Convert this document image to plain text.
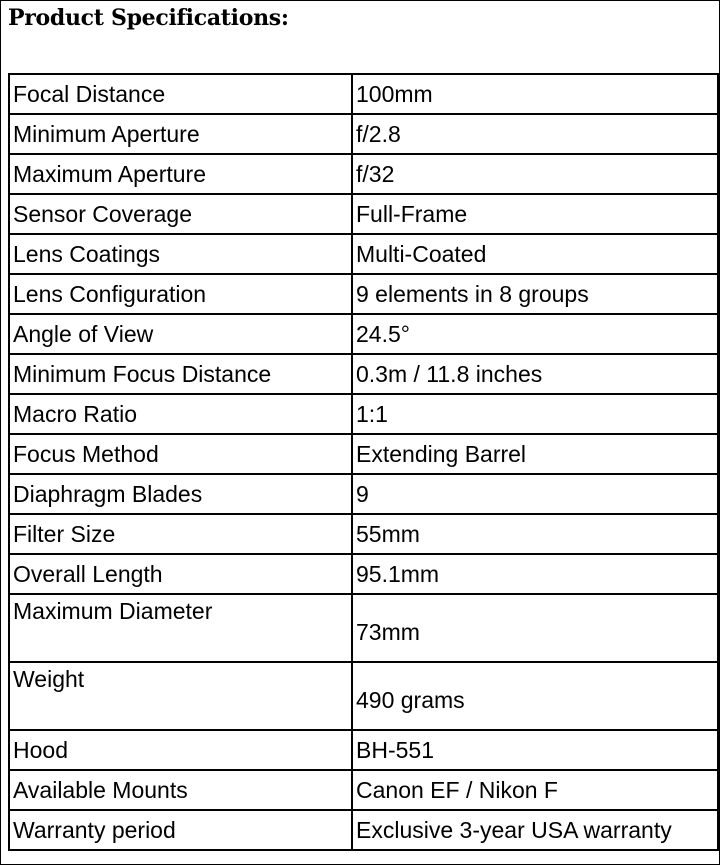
Product Specifications:
Focal Distance	100mm
Minimum Aperture	f/2.8
Maximum Aperture	f/32
Sensor Coverage	Full-Frame
Lens Coatings	Multi-Coated
Lens Configuration	9 elements in 8 groups
Angle of View	24.5°
Minimum Focus Distance	0.3m / 11.8 inches
Macro Ratio	1:1
Focus Method	Extending Barrel
Diaphragm Blades	9
Filter Size	55mm
Overall Length	95.1mm
Maximum Diameter	73mm
Weight	490 grams
Hood	BH-551
Available Mounts	Canon EF / Nikon F
Warranty period	Exclusive 3-year USA warranty
